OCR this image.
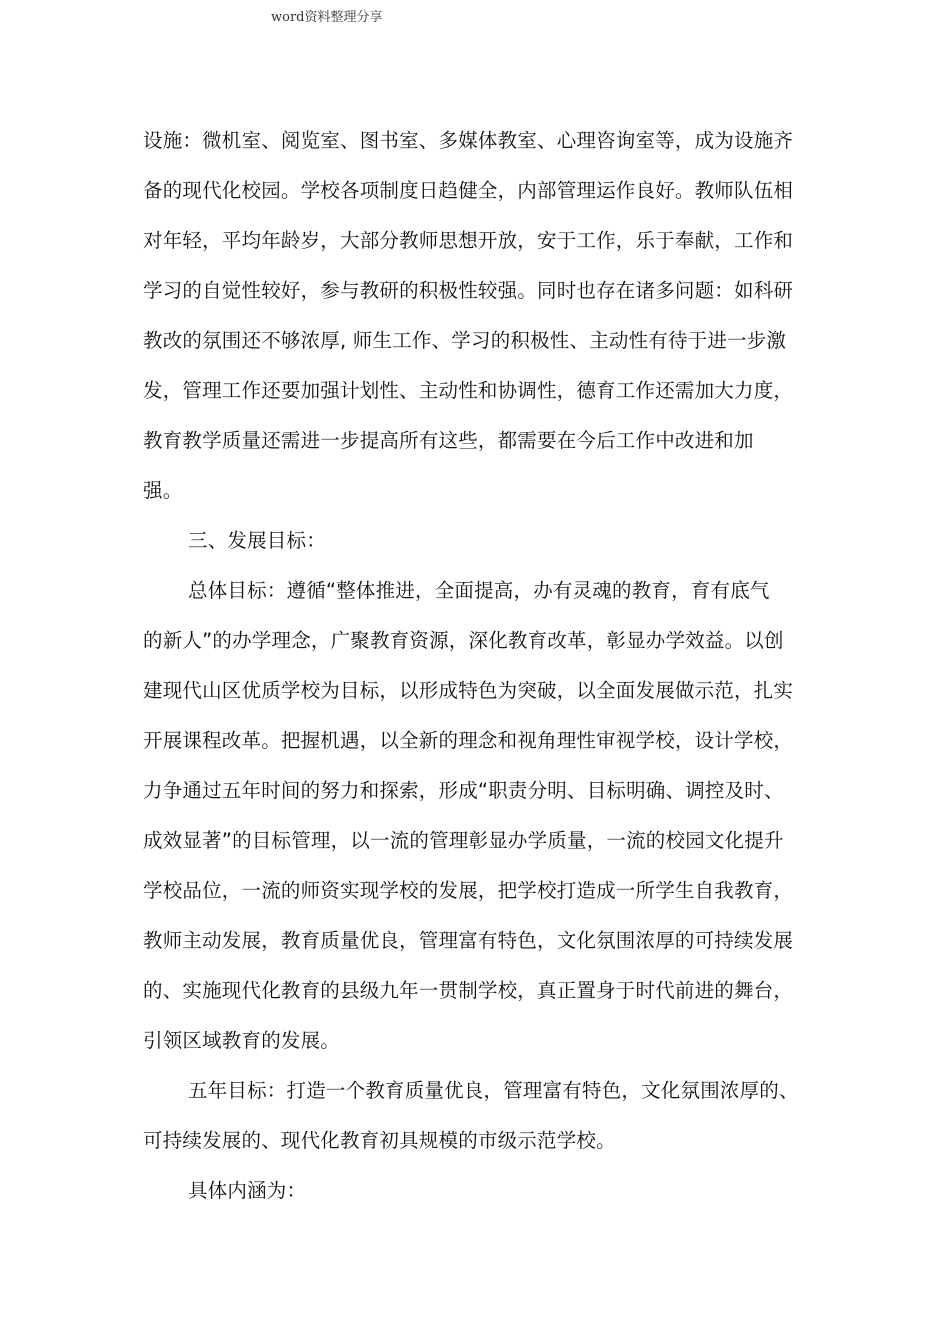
word资料整理分享
设施：微机室、阅览室、图书室、多媒体教室、心理咨询室等，成为设施齐
备的现代化校园。学校各项制度日趋健全，内部管理运作良好。教师队伍相
对年轻，平均年龄岁，大部分教师思想开放，安于工作，乐于奉献，工作和
学习的自觉性较好，参与教研的积极性较强。同时也存在诸多问题：如科研
教改的氛围还不够浓厚, 师生工作、学习的积极性、主动性有待于进一步激
发，管理工作还要加强计划性、主动性和协调性，德育工作还需加大力度，
教育教学质量还需进一步提高所有这些，都需要在今后工作中改进和加
强。
三、发展目标：
总体目标：遵循“整体推进，全面提高，办有灵魂的教育，育有底气
的新人”的办学理念，广聚教育资源，深化教育改革，彰显办学效益。以创
建现代山区优质学校为目标，以形成特色为突破，以全面发展做示范，扎实
开展课程改革。把握机遇，以全新的理念和视角理性审视学校，设计学校，
力争通过五年时间的努力和探索，形成“职责分明、目标明确、调控及时、
成效显著”的目标管理，以一流的管理彰显办学质量，一流的校园文化提升
学校品位，一流的师资实现学校的发展，把学校打造成一所学生自我教育，
教师主动发展，教育质量优良，管理富有特色，文化氛围浓厚的可持续发展
的、实施现代化教育的县级九年一贯制学校，真正置身于时代前进的舞台，
引领区域教育的发展。
五年目标：打造一个教育质量优良，管理富有特色，文化氛围浓厚的、
可持续发展的、现代化教育初具规模的市级示范学校。
具体内涵为：
